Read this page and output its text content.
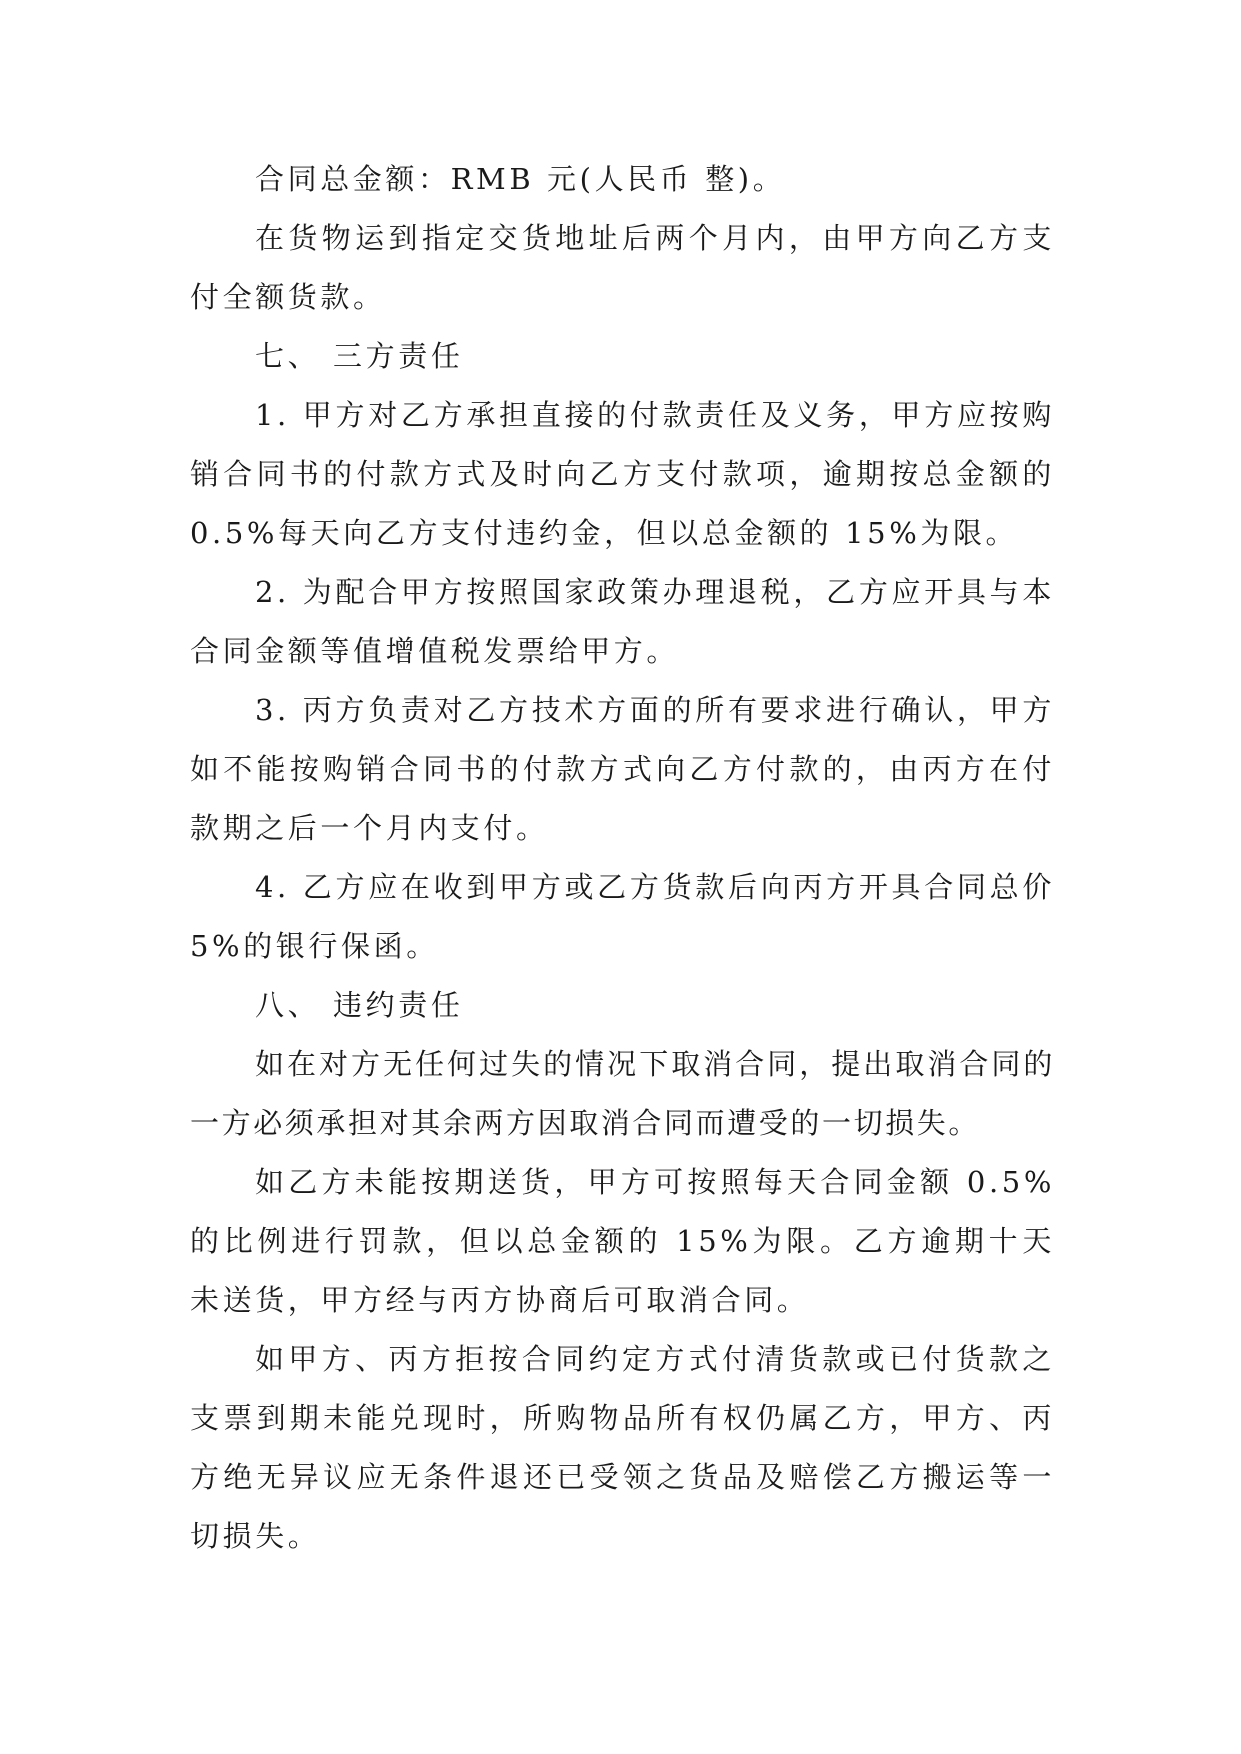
合同总金额：RMB 元(人民币 整)。

在货物运到指定交货地址后两个月内，由甲方向乙方支付全额货款。

七、 三方责任

1. 甲方对乙方承担直接的付款责任及义务，甲方应按购销合同书的付款方式及时向乙方支付款项，逾期按总金额的 0.5%每天向乙方支付违约金，但以总金额的 15%为限。

2. 为配合甲方按照国家政策办理退税，乙方应开具与本合同金额等值增值税发票给甲方。

3. 丙方负责对乙方技术方面的所有要求进行确认，甲方如不能按购销合同书的付款方式向乙方付款的，由丙方在付款期之后一个月内支付。

4. 乙方应在收到甲方或乙方货款后向丙方开具合同总价 5%的银行保函。

八、 违约责任

如在对方无任何过失的情况下取消合同，提出取消合同的一方必须承担对其余两方因取消合同而遭受的一切损失。

如乙方未能按期送货，甲方可按照每天合同金额 0.5%的比例进行罚款，但以总金额的 15%为限。乙方逾期十天未送货，甲方经与丙方协商后可取消合同。

如甲方、丙方拒按合同约定方式付清货款或已付货款之支票到期未能兑现时，所购物品所有权仍属乙方，甲方、丙方绝无异议应无条件退还已受领之货品及赔偿乙方搬运等一切损失。
